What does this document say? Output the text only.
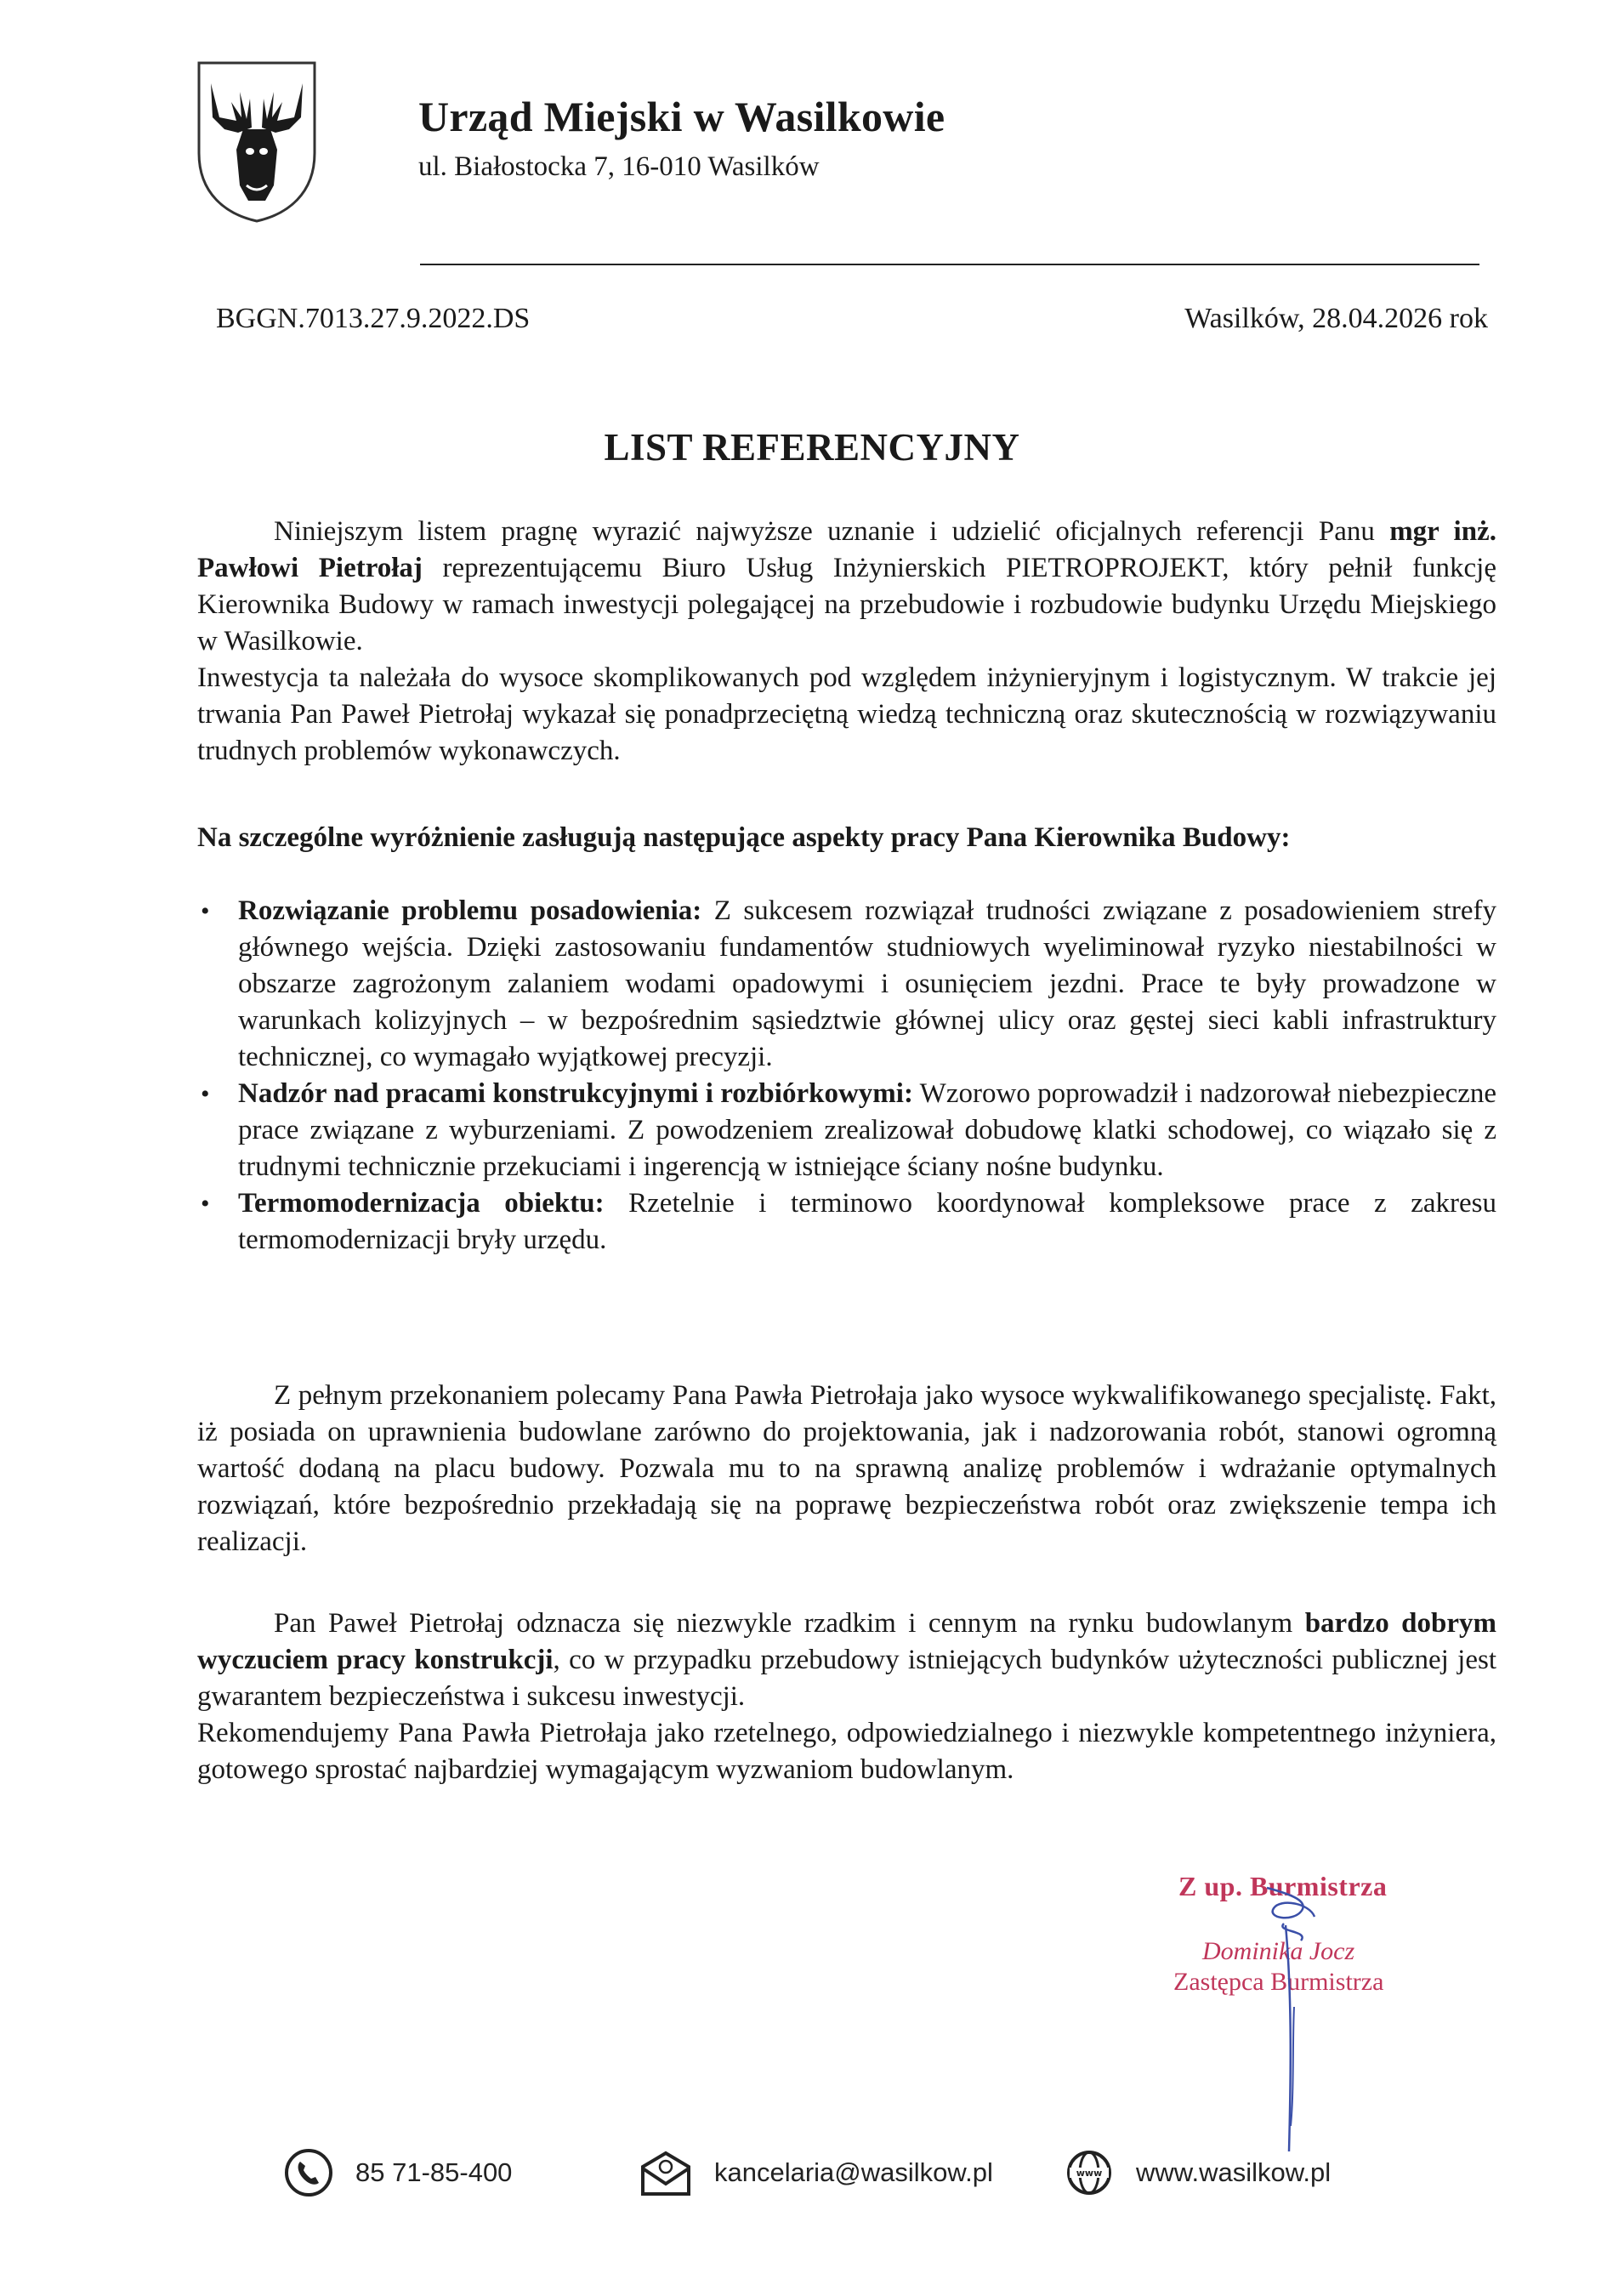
Urząd Miejski w Wasilkowie
ul. Białostocka 7, 16-010 Wasilków
BGGN.7013.27.9.2022.DS	Wasilków, 28.04.2026 rok
LIST REFERENCYJNY

Niniejszym listem pragnę wyrazić najwyższe uznanie i udzielić oficjalnych referencji Panu mgr inż. Pawłowi Pietrołaj reprezentującemu Biuro Usług Inżynierskich PIETROPROJEKT, który pełnił funkcję Kierownika Budowy w ramach inwestycji polegającej na przebudowie i rozbudowie budynku Urzędu Miejskiego w Wasilkowie.

Inwestycja ta należała do wysoce skomplikowanych pod względem inżynieryjnym i logistycznym. W trakcie jej trwania Pan Paweł Pietrołaj wykazał się ponadprzeciętną wiedzą techniczną oraz skutecznością w rozwiązywaniu trudnych problemów wykonawczych.

Na szczególne wyróżnienie zasługują następujące aspekty pracy Pana Kierownika Budowy:

• Rozwiązanie problemu posadowienia: Z sukcesem rozwiązał trudności związane z posadowieniem strefy głównego wejścia. Dzięki zastosowaniu fundamentów studniowych wyeliminował ryzyko niestabilności w obszarze zagrożonym zalaniem wodami opadowymi i osunięciem jezdni. Prace te były prowadzone w warunkach kolizyjnych – w bezpośrednim sąsiedztwie głównej ulicy oraz gęstej sieci kabli infrastruktury technicznej, co wymagało wyjątkowej precyzji.

• Nadzór nad pracami konstrukcyjnymi i rozbiórkowymi: Wzorowo poprowadził i nadzorował niebezpieczne prace związane z wyburzeniami. Z powodzeniem zrealizował dobudowę klatki schodowej, co wiązało się z trudnymi technicznie przekuciami i ingerencją w istniejące ściany nośne budynku.

• Termomodernizacja obiektu: Rzetelnie i terminowo koordynował kompleksowe prace z zakresu termomodernizacji bryły urzędu.

Z pełnym przekonaniem polecamy Pana Pawła Pietrołaja jako wysoce wykwalifikowanego specjalistę. Fakt, iż posiada on uprawnienia budowlane zarówno do projektowania, jak i nadzorowania robót, stanowi ogromną wartość dodaną na placu budowy. Pozwala mu to na sprawną analizę problemów i wdrażanie optymalnych rozwiązań, które bezpośrednio przekładają się na poprawę bezpieczeństwa robót oraz zwiększenie tempa ich realizacji.

Pan Paweł Pietrołaj odznacza się niezwykle rzadkim i cennym na rynku budowlanym bardzo dobrym wyczuciem pracy konstrukcji, co w przypadku przebudowy istniejących budynków użyteczności publicznej jest gwarantem bezpieczeństwa i sukcesu inwestycji.

Rekomendujemy Pana Pawła Pietrołaja jako rzetelnego, odpowiedzialnego i niezwykle kompetentnego inżyniera, gotowego sprostać najbardziej wymagającym wyzwaniom budowlanym.

Z up. Burmistrza
Dominika Jocz
Zastępca Burmistrza
85 71-85-400	kancelaria@wasilkow.pl	www www.wasilkow.pl
